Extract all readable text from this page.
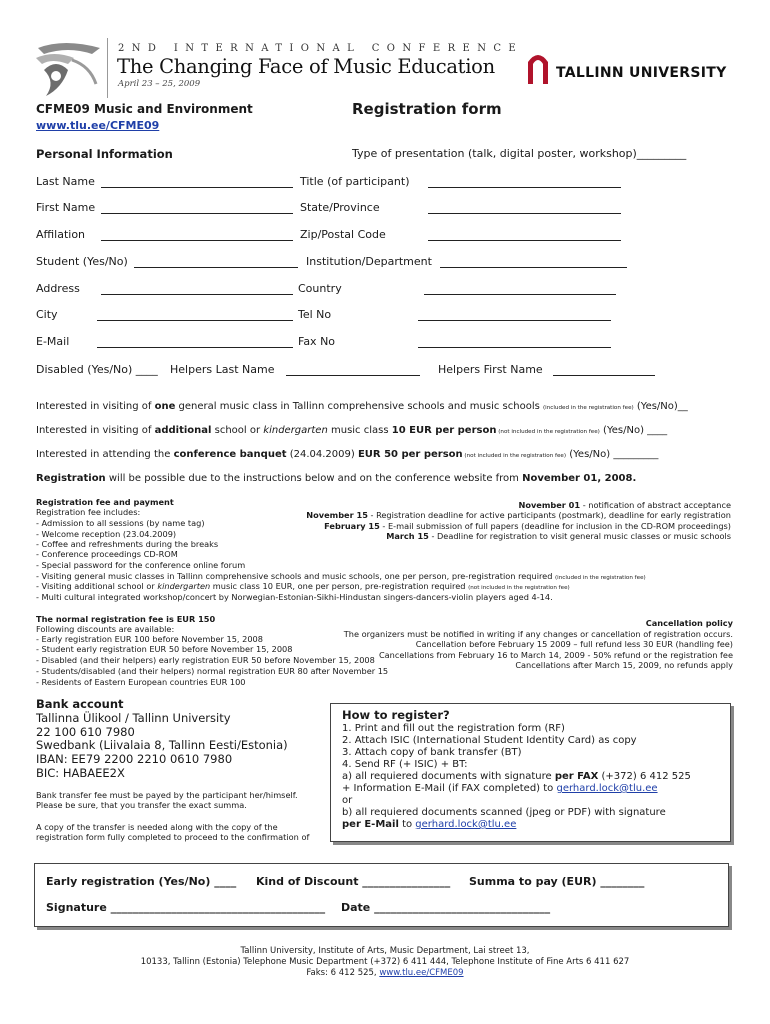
2ND INTERNATIONAL CONFERENCE
The Changing Face of Music Education
April 23 – 25, 2009
TALLINN UNIVERSITY
CFME09 Music and Environment
www.tlu.ee/CFME09
Registration form
Personal Information	Type of presentation (talk, digital poster, workshop)_________
Last Name	Title (of participant)
First Name	State/Province
Affilation	Zip/Postal Code
Student (Yes/No)	Institution/Department
Address	Country
City	Tel No
E-Mail	Fax No
Disabled (Yes/No) ____ Helpers Last Name	Helpers First Name
Interested in visiting of one general music class in Tallinn comprehensive schools and music schools (included in the registration fee) (Yes/No)__
Interested in visiting of additional school or kindergarten music class 10 EUR per person (not included in the registration fee) (Yes/No) ____
Interested in attending the conference banquet (24.04.2009) EUR 50 per person (not included in the registration fee) (Yes/No) _________
Registration will be possible due to the instructions below and on the conference website from November 01, 2008.
Registration fee and payment
Registration fee includes:
- Admission to all sessions (by name tag)
- Welcome reception (23.04.2009)
- Coffee and refreshments during the breaks
- Conference proceedings CD-ROM
- Special password for the conference online forum
- Visiting general music classes in Tallinn comprehensive schools and music schools, one per person, pre-registration required (included in the registration fee)
- Visiting additional school or kindergarten music class 10 EUR, one per person, pre-registration required (not included in the registration fee)
- Multi cultural integrated workshop/concert by Norwegian-Estonian-Sikhi-Hindustan singers-dancers-violin players aged 4-14.
November 01 - notification of abstract acceptance
November 15 - Registration deadline for active participants (postmark), deadline for early registration
February 15 - E-mail submission of full papers (deadline for inclusion in the CD-ROM proceedings)
March 15 - Deadline for registration to visit general music classes or music schools
The normal registration fee is EUR 150
Following discounts are available:
- Early registration EUR 100 before November 15, 2008
- Student early registration EUR 50 before November 15, 2008
- Disabled (and their helpers) early registration EUR 50 before November 15, 2008
- Students/disabled (and their helpers) normal registration EUR 80 after November 15
- Residents of Eastern European countries EUR 100
Cancellation policy
The organizers must be notified in writing if any changes or cancellation of registration occurs.
Cancellation before February 15 2009 – full refund less 30 EUR (handling fee)
Cancellations from February 16 to March 14, 2009 - 50% refund or the registration fee
Cancellations after March 15, 2009, no refunds apply
Bank account
Tallinna Ülikool / Tallinn University
22 100 610 7980
Swedbank (Liivalaia 8, Tallinn Eesti/Estonia)
IBAN: EE79 2200 2210 0610 7980
BIC: HABAEE2X
Bank transfer fee must be payed by the participant her/himself.
Please be sure, that you transfer the exact summa.
A copy of the transfer is needed along with the copy of the
registration form fully completed to proceed to the confirmation of
How to register?
1. Print and fill out the registration form (RF)
2. Attach ISIC (International Student Identity Card) as copy
3. Attach copy of bank transfer (BT)
4. Send RF (+ ISIC) + BT:
a) all requiered documents with signature per FAX (+372) 6 412 525
+ Information E-Mail (if FAX completed) to gerhard.lock@tlu.ee
or
b) all requiered documents scanned (jpeg or PDF) with signature
per E-Mail to gerhard.lock@tlu.ee
Early registration (Yes/No) ____ Kind of Discount ________________ Summa to pay (EUR) ________
Signature _______________________________________ Date ________________________________
Tallinn University, Institute of Arts, Music Department, Lai street 13,
10133, Tallinn (Estonia) Telephone Music Department (+372) 6 411 444, Telephone Institute of Fine Arts 6 411 627
Faks: 6 412 525, www.tlu.ee/CFME09
